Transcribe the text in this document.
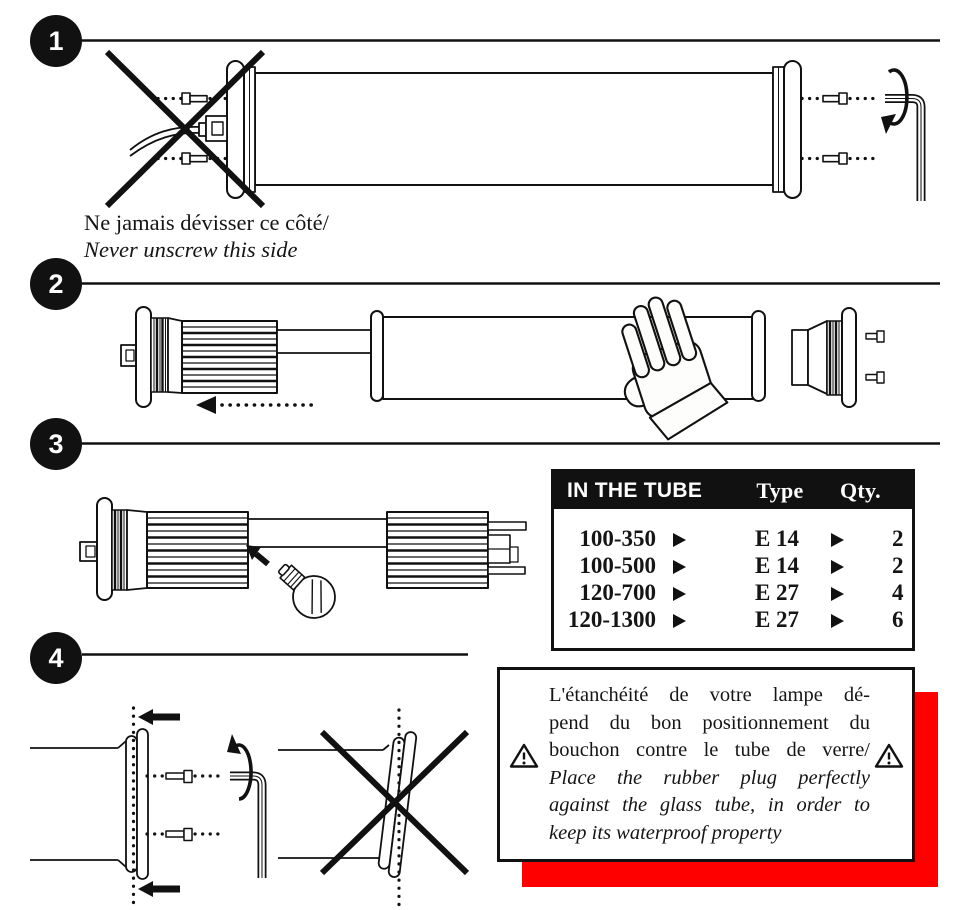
1
2
3
4
Ne jamais dévisser ce côté/
Never unscrew this side
IN THE TUBE	Type	Qty.
100-350	E 14	2
100-500	E 14	2
120-700	E 27	4
120-1300	E 27	6
L'étanchéité de votre lampe dé-
pend du bon positionnement du
bouchon contre le tube de verre/
Place the rubber plug perfectly
against the glass tube, in order to
keep its waterproof property
